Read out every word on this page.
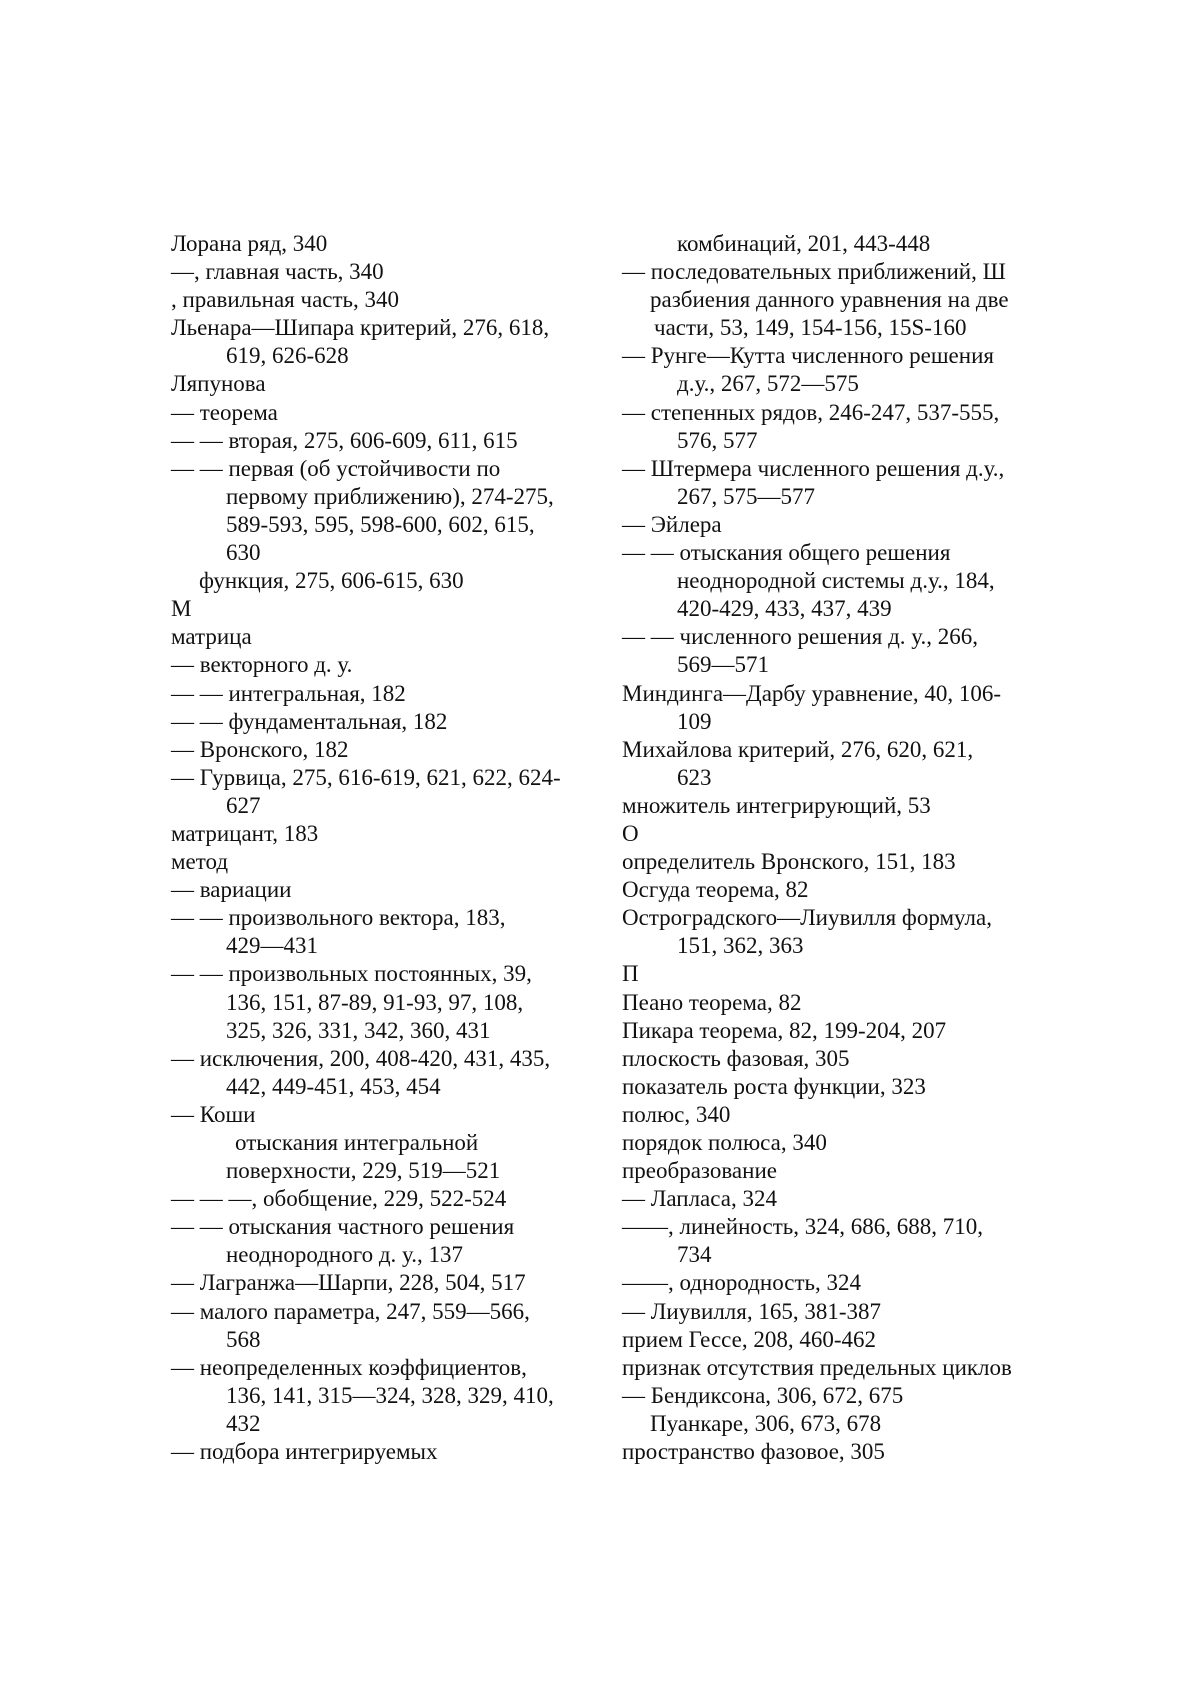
Лорана ряд, 340
—, главная часть, 340
, правильная часть, 340
Льенара—Шипара критерий, 276, 618,
619, 626-628
Ляпунова
— теорема
— — вторая, 275, 606-609, 611, 615
— — первая (об устойчивости по
первому приближению), 274-275,
589-593, 595, 598-600, 602, 615,
630
функция, 275, 606-615, 630
М
матрица
— векторного д. у.
— — интегральная, 182
— — фундаментальная, 182
— Вронского, 182
— Гурвица, 275, 616-619, 621, 622, 624-
627
матрицант, 183
метод
— вариации
— — произвольного вектора, 183,
429—431
— — произвольных постоянных, 39,
136, 151, 87-89, 91-93, 97, 108,
325, 326, 331, 342, 360, 431
— исключения, 200, 408-420, 431, 435,
442, 449-451, 453, 454
— Коши
отыскания интегральной
поверхности, 229, 519—521
— — —, обобщение, 229, 522-524
— — отыскания частного решения
неоднородного д. у., 137
— Лагранжа—Шарпи, 228, 504, 517
— малого параметра, 247, 559—566,
568
— неопределенных коэффициентов,
136, 141, 315—324, 328, 329, 410,
432
— подбора интегрируемых
комбинаций, 201, 443-448
— последовательных приближений, Ш
разбиения данного уравнения на две
части, 53, 149, 154-156, 15S-160
— Рунге—Кутта численного решения
д.у., 267, 572—575
— степенных рядов, 246-247, 537-555,
576, 577
— Штермера численного решения д.у.,
267, 575—577
— Эйлера
— — отыскания общего решения
неоднородной системы д.у., 184,
420-429, 433, 437, 439
— — численного решения д. у., 266,
569—571
Миндинга—Дарбу уравнение, 40, 106-
109
Михайлова критерий, 276, 620, 621,
623
множитель интегрирующий, 53
О
определитель Вронского, 151, 183
Осгуда теорема, 82
Остроградского—Лиувилля формула,
151, 362, 363
П
Пеано теорема, 82
Пикара теорема, 82, 199-204, 207
плоскость фазовая, 305
показатель роста функции, 323
полюс, 340
порядок полюса, 340
преобразование
— Лапласа, 324
——, линейность, 324, 686, 688, 710,
734
——, однородность, 324
— Лиувилля, 165, 381-387
прием Гессе, 208, 460-462
признак отсутствия предельных циклов
— Бендиксона, 306, 672, 675
Пуанкаре, 306, 673, 678
пространство фазовое, 305
